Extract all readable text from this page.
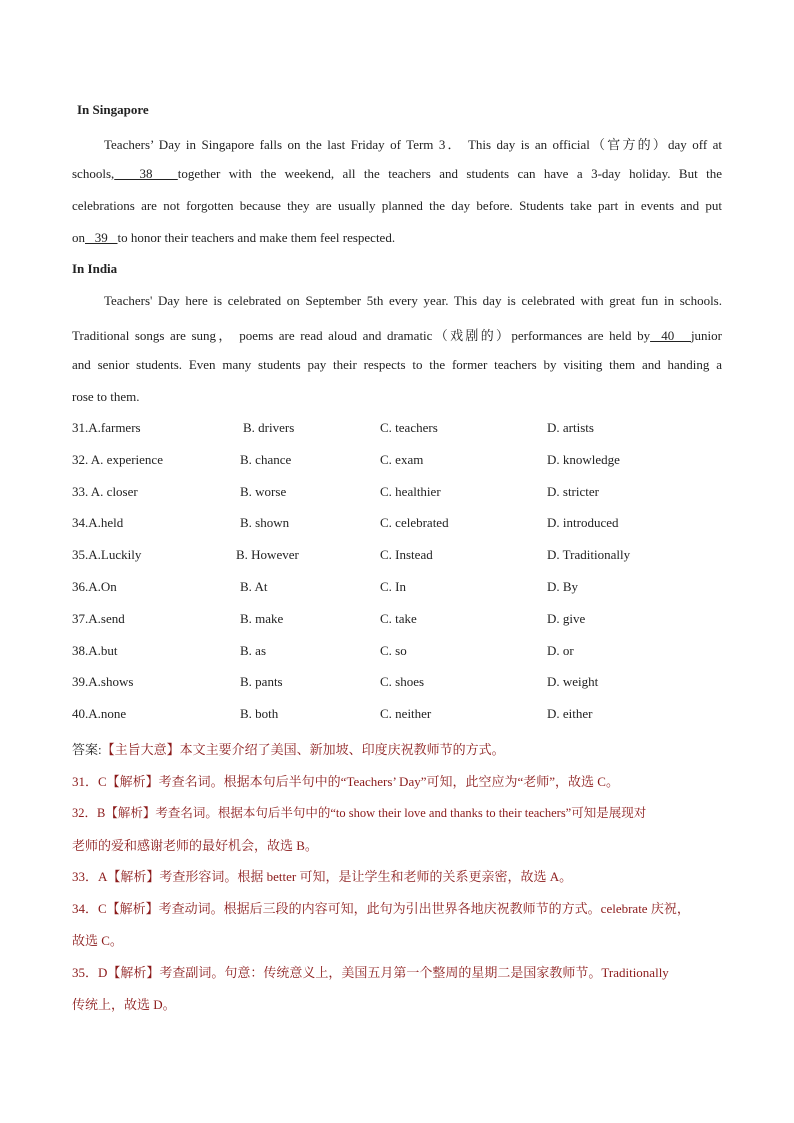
In Singapore
Teachers’ Day in Singapore falls on the last Friday of Term 3． This day is an official（官方的）day off at
schools,   38   together with the weekend, all the teachers and students can have a 3-day holiday. But the
celebrations are not forgotten because they are usually planned the day before. Students take part in events and put
on   39   to honor their teachers and make them feel respected.
In India
Teachers' Day here is celebrated on September 5th every year. This day is celebrated with great fun in schools.
Traditional songs are sung， poems are read aloud and dramatic（戏剧的）performances are held by  40   junior
and senior students. Even many students pay their respects to the former teachers by visiting them and handing a
rose to them.
31.A.farmers	B. drivers	C. teachers	D. artists
32. A. experience	B. chance	C. exam	D. knowledge
33. A. closer	B. worse	C. healthier	D. stricter
34.A.held	B. shown	C. celebrated	D. introduced
35.A.Luckily	B. However	C. Instead	D. Traditionally
36.A.On	B. At	C. In	D. By
37.A.send	B. make	C. take	D. give
38.A.but	B. as	C. so	D. or
39.A.shows	B. pants	C. shoes	D. weight
40.A.none	B. both	C. neither	D. either
答案:【主旨大意】本文主要介绍了美国、新加坡、印度庆祝教师节的方式。
31．C【解析】考查名词。根据本句后半句中的“Teachers’ Day”可知，此空应为“老师”，故选 C。
32．B【解析】考查名词。根据本句后半句中的“to show their love and thanks to their teachers”可知是展现对
老师的爱和感谢老师的最好机会，故选 B。
33．A【解析】考查形容词。根据 better 可知，是让学生和老师的关系更亲密，故选 A。
34．C【解析】考查动词。根据后三段的内容可知，此句为引出世界各地庆祝教师节的方式。celebrate 庆祝，
故选 C。
35．D【解析】考查副词。句意：传统意义上，美国五月第一个整周的星期二是国家教师节。Traditionally
传统上，故选 D。
